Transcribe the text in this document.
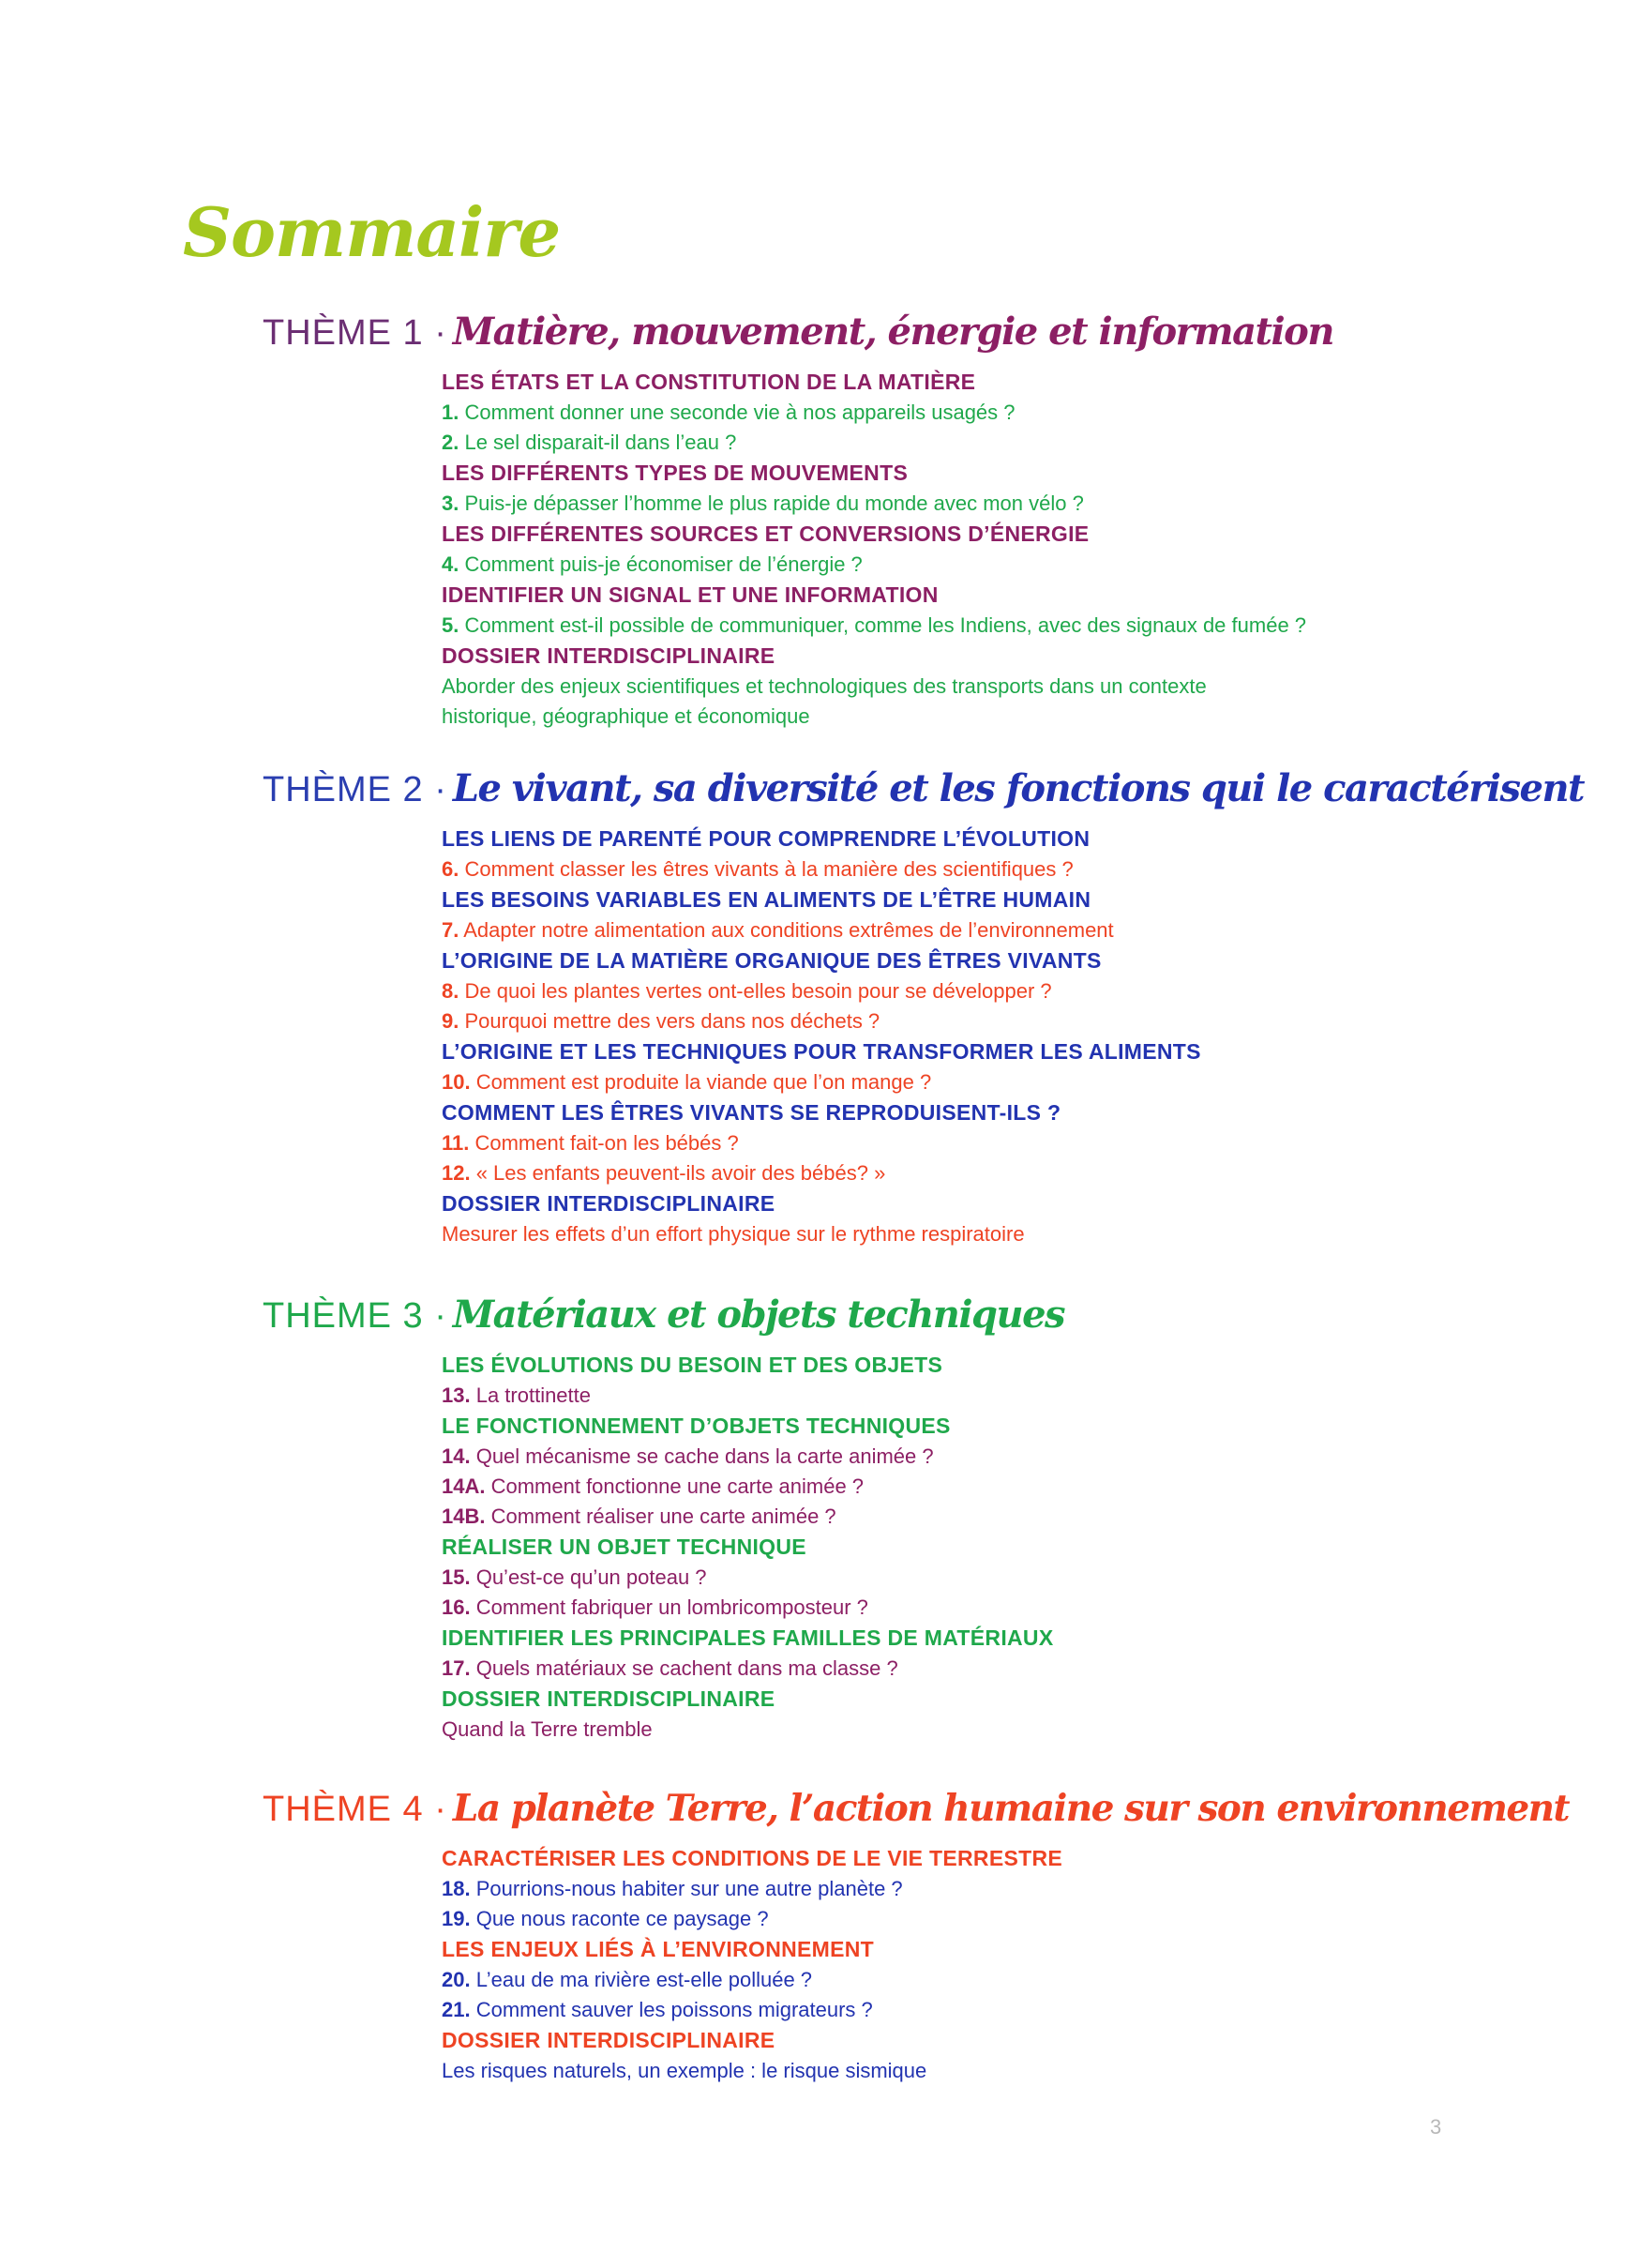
Sommaire
THÈME 1 · Matière, mouvement, énergie et information
LES ÉTATS ET LA CONSTITUTION DE LA MATIÈRE
1. Comment donner une seconde vie à nos appareils usagés ?
2. Le sel disparait-il dans l’eau ?
LES DIFFÉRENTS TYPES DE MOUVEMENTS
3. Puis-je dépasser l’homme le plus rapide du monde avec mon vélo ?
LES DIFFÉRENTES SOURCES ET CONVERSIONS D’ÉNERGIE
4. Comment puis-je économiser de l’énergie ?
IDENTIFIER UN SIGNAL ET UNE INFORMATION
5. Comment est-il possible de communiquer, comme les Indiens, avec des signaux de fumée ?
DOSSIER INTERDISCIPLINAIRE
Aborder des enjeux scientifiques et technologiques des transports dans un contexte
historique, géographique et économique
THÈME 2 · Le vivant, sa diversité et les fonctions qui le caractérisent
LES LIENS DE PARENTÉ POUR COMPRENDRE L’ÉVOLUTION
6. Comment classer les êtres vivants à la manière des scientifiques ?
LES BESOINS VARIABLES EN ALIMENTS DE L’ÊTRE HUMAIN
7. Adapter notre alimentation aux conditions extrêmes de l’environnement
L’ORIGINE DE LA MATIÈRE ORGANIQUE DES ÊTRES VIVANTS
8. De quoi les plantes vertes ont-elles besoin pour se développer ?
9. Pourquoi mettre des vers dans nos déchets ?
L’ORIGINE ET LES TECHNIQUES POUR TRANSFORMER LES ALIMENTS
10. Comment est produite la viande que l’on mange ?
COMMENT LES ÊTRES VIVANTS SE REPRODUISENT-ILS ?
11. Comment fait-on les bébés ?
12. « Les enfants peuvent-ils avoir des bébés? »
DOSSIER INTERDISCIPLINAIRE
Mesurer les effets d’un effort physique sur le rythme respiratoire
THÈME 3 · Matériaux et objets techniques
LES ÉVOLUTIONS DU BESOIN ET DES OBJETS
13. La trottinette
LE FONCTIONNEMENT D’OBJETS TECHNIQUES
14. Quel mécanisme se cache dans la carte animée ?
14A. Comment fonctionne une carte animée ?
14B. Comment réaliser une carte animée ?
RÉALISER UN OBJET TECHNIQUE
15. Qu’est-ce qu’un poteau ?
16. Comment fabriquer un lombricomposteur ?
IDENTIFIER LES PRINCIPALES FAMILLES DE MATÉRIAUX
17. Quels matériaux se cachent dans ma classe ?
DOSSIER INTERDISCIPLINAIRE
Quand la Terre tremble
THÈME 4 · La planète Terre, l’action humaine sur son environnement
CARACTÉRISER LES CONDITIONS DE LE VIE TERRESTRE
18. Pourrions-nous habiter sur une autre planète ?
19. Que nous raconte ce paysage ?
LES ENJEUX LIÉS À L’ENVIRONNEMENT
20. L’eau de ma rivière est-elle polluée ?
21. Comment sauver les poissons migrateurs ?
DOSSIER INTERDISCIPLINAIRE
Les risques naturels, un exemple : le risque sismique
3
